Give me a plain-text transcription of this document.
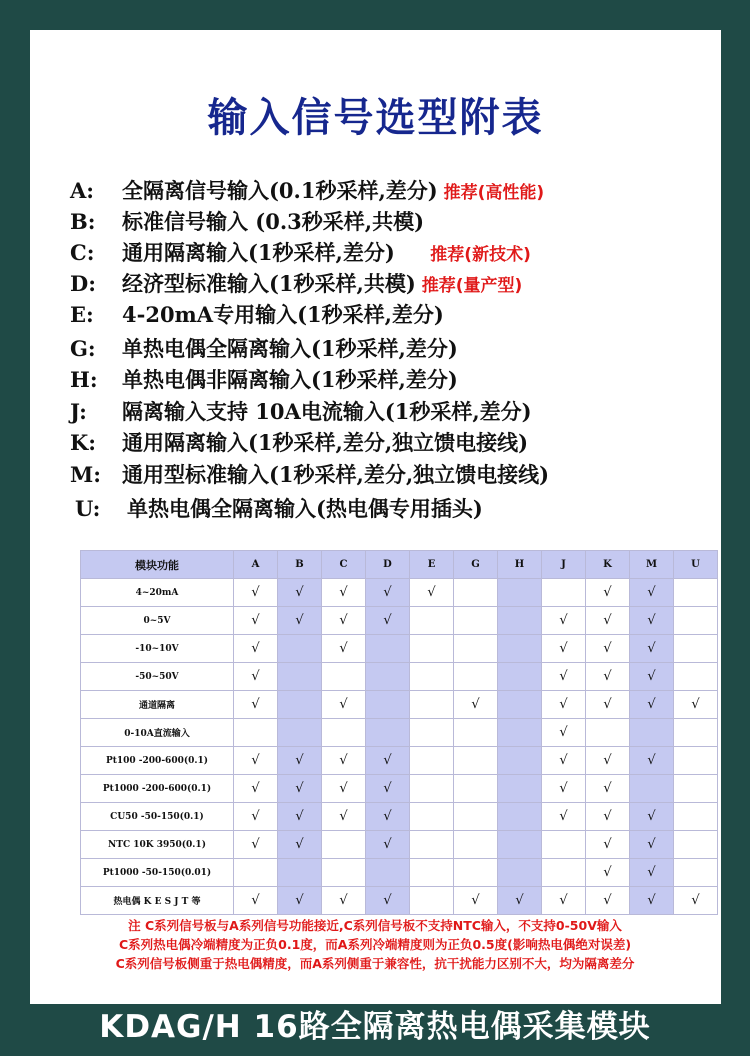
输入信号选型附表
A: 全隔离信号输入(0.1秒采样,差分) 推荐(高性能)
B: 标准信号输入 (0.3秒采样,共模)
C: 通用隔离输入(1秒采样,差分)      推荐(新技术)
D: 经济型标准输入(1秒采样,共模) 推荐(量产型)
E: 4-20mA专用输入(1秒采样,差分)
G: 单热电偶全隔离输入(1秒采样,差分)
H: 单热电偶非隔离输入(1秒采样,差分)
J: 隔离输入支持 10A电流输入(1秒采样,差分)
K: 通用隔离输入(1秒采样,差分,独立馈电接线)
M: 通用型标准输入(1秒采样,差分,独立馈电接线)
U: 单热电偶全隔离输入(热电偶专用插头)
模块功能	A	B	C	D	E	G	H	J	K	M	U
4~20mA	√	√	√	√	√				√	√	
0~5V	√	√	√	√				√	√	√	
-10~10V	√		√					√	√	√	
-50~50V	√							√	√	√	
通道隔离	√		√			√		√	√	√	√
0-10A直流输入								√			
Pt100 -200-600(0.1)	√	√	√	√				√	√	√	
Pt1000 -200-600(0.1)	√	√	√	√				√	√		
CU50 -50-150(0.1)	√	√	√	√				√	√	√	
NTC 10K 3950(0.1)	√	√		√					√	√	
Pt1000 -50-150(0.01)									√	√	
热电偶 K E S J T 等	√	√	√	√		√	√	√	√	√	√
注 C系列信号板与A系列信号功能接近,C系列信号板不支持NTC输入，不支持0-50V输入
C系列热电偶冷端精度为正负0.1度，而A系列冷端精度则为正负0.5度(影响热电偶绝对误差)
C系列信号板侧重于热电偶精度，而A系列侧重于兼容性，抗干扰能力区别不大，均为隔离差分
KDAG/H 16路全隔离热电偶采集模块
